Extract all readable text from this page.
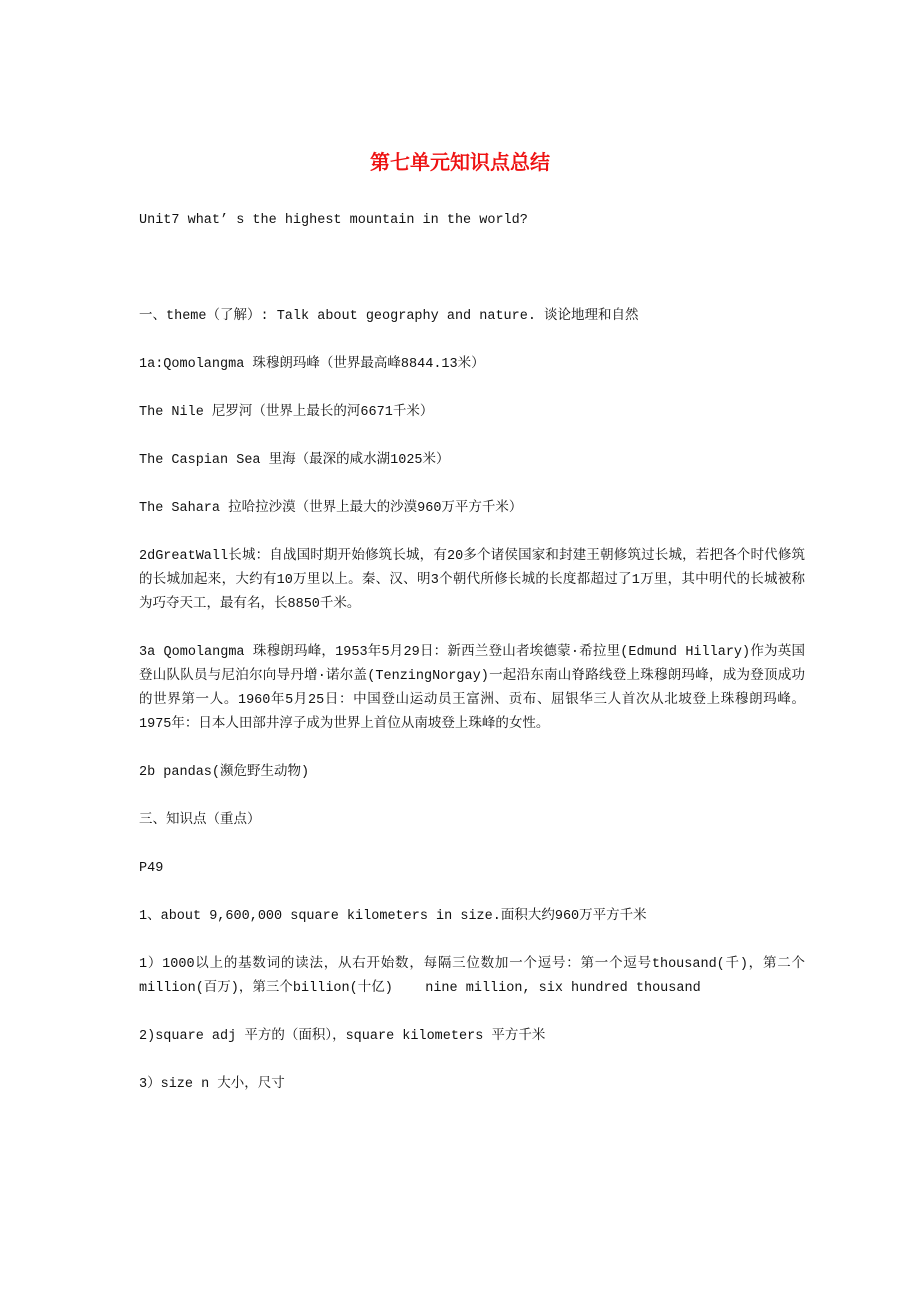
第七单元知识点总结

Unit7 what’ s the highest mountain in the world?

一、theme（了解）: Talk about geography and nature. 谈论地理和自然

1a:Qomolangma 珠穆朗玛峰（世界最高峰8844.13米）

The Nile 尼罗河（世界上最长的河6671千米）

The Caspian Sea 里海（最深的咸水湖1025米）

The Sahara 拉哈拉沙漠（世界上最大的沙漠960万平方千米）

2dGreatWall长城：自战国时期开始修筑长城，有20多个诸侯国家和封建王朝修筑过长城，若把各个时代修筑的长城加起来，大约有10万里以上。秦、汉、明3个朝代所修长城的长度都超过了1万里，其中明代的长城被称为巧夺天工，最有名，长8850千米。

3a Qomolangma 珠穆朗玛峰，1953年5月29日：新西兰登山者埃德蒙·希拉里(Edmund Hillary)作为英国登山队队员与尼泊尔向导丹增·诺尔盖(TenzingNorgay)一起沿东南山脊路线登上珠穆朗玛峰，成为登顶成功的世界第一人。1960年5月25日：中国登山运动员王富洲、贡布、屈银华三人首次从北坡登上珠穆朗玛峰。1975年：日本人田部井淳子成为世界上首位从南坡登上珠峰的女性。

2b pandas(濒危野生动物)

三、知识点（重点）

P49

1、about 9,600,000 square kilometers in size.面积大约960万平方千米

1）1000以上的基数词的读法，从右开始数，每隔三位数加一个逗号：第一个逗号thousand(千)，第二个million(百万)，第三个billion(十亿)    nine million, six hundred thousand

2)square adj 平方的（面积），square kilometers 平方千米

3）size n 大小，尺寸
